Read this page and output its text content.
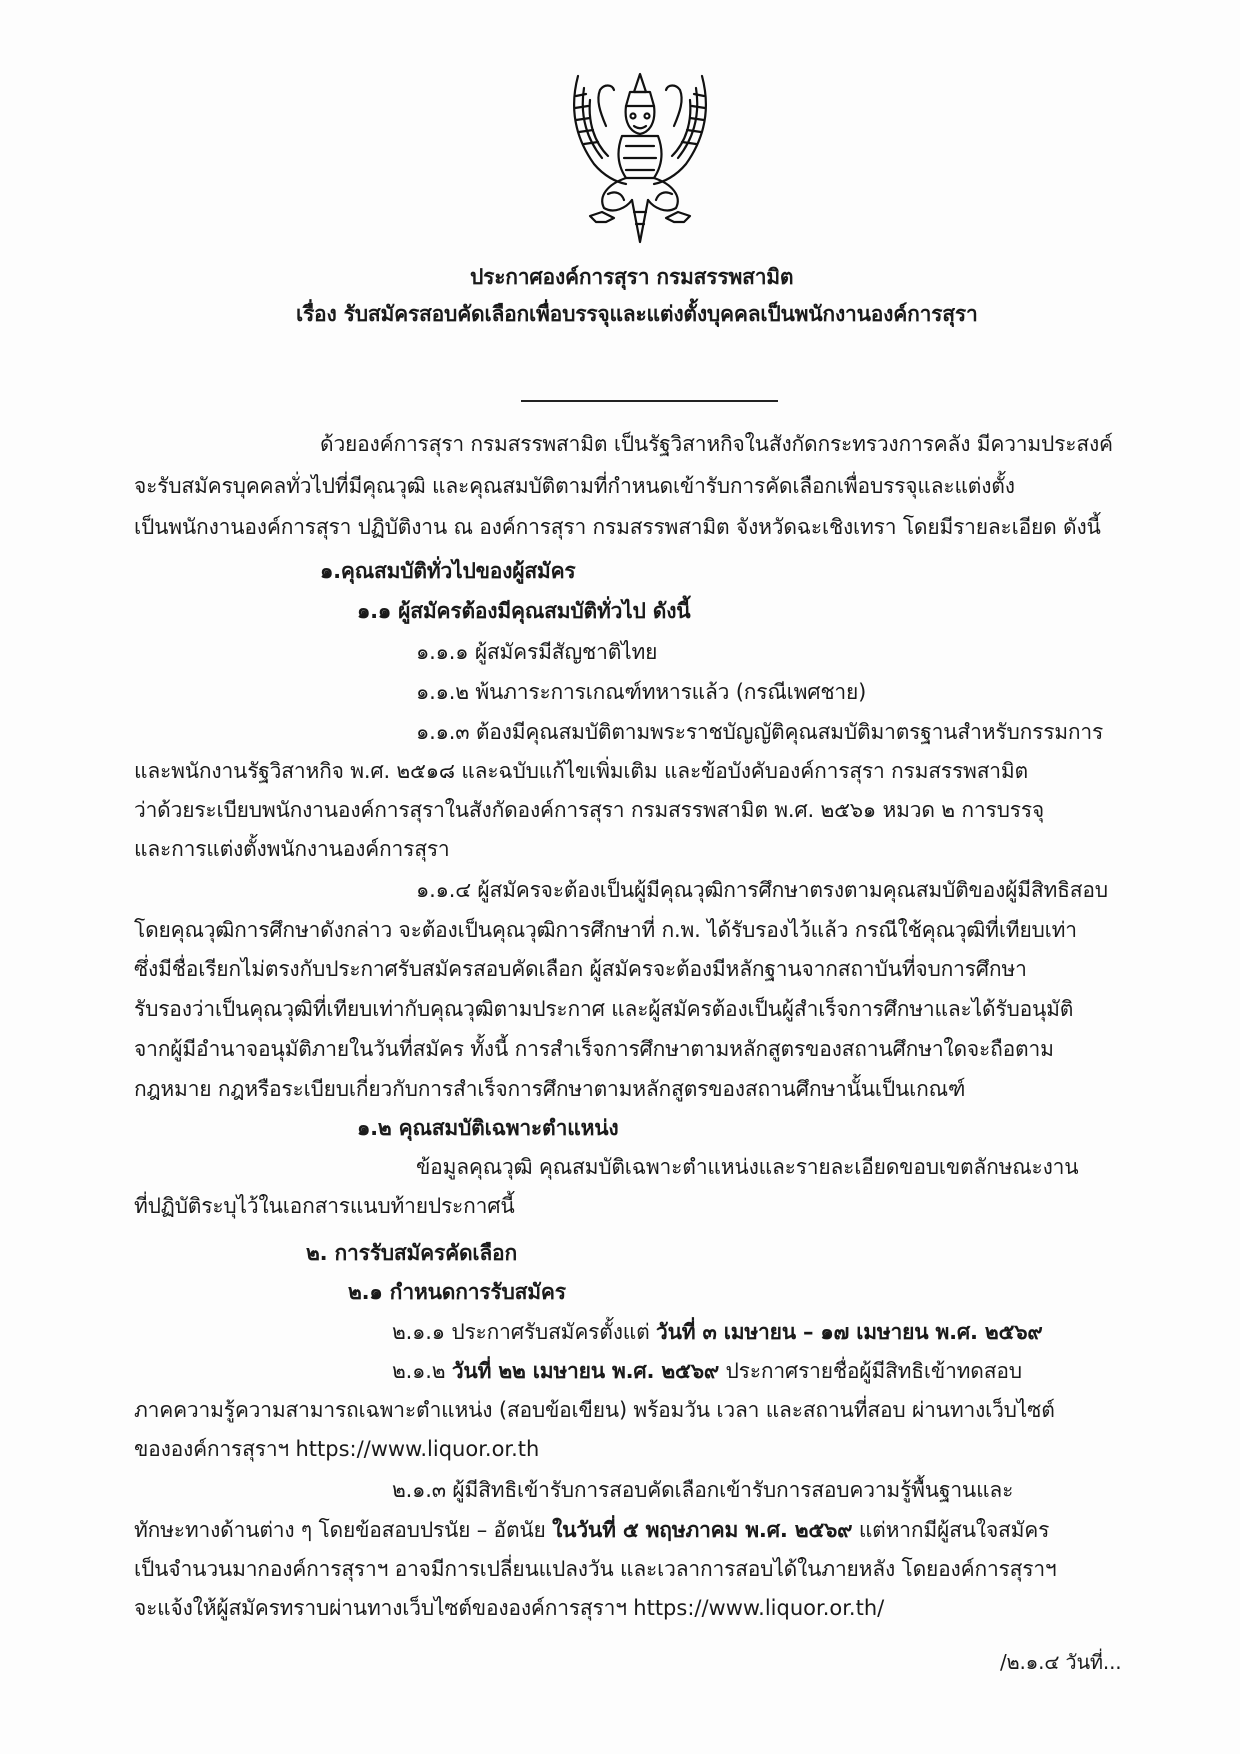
ประกาศองค์การสุรา กรมสรรพสามิต
เรื่อง รับสมัครสอบคัดเลือกเพื่อบรรจุและแต่งตั้งบุคคลเป็นพนักงานองค์การสุรา
ด้วยองค์การสุรา กรมสรรพสามิต เป็นรัฐวิสาหกิจในสังกัดกระทรวงการคลัง มีความประสงค์
จะรับสมัครบุคคลทั่วไปที่มีคุณวุฒิ และคุณสมบัติตามที่กำหนดเข้ารับการคัดเลือกเพื่อบรรจุและแต่งตั้ง
เป็นพนักงานองค์การสุรา ปฏิบัติงาน ณ องค์การสุรา กรมสรรพสามิต จังหวัดฉะเชิงเทรา โดยมีรายละเอียด ดังนี้
๑.คุณสมบัติทั่วไปของผู้สมัคร
๑.๑ ผู้สมัครต้องมีคุณสมบัติทั่วไป ดังนี้
๑.๑.๑ ผู้สมัครมีสัญชาติไทย
๑.๑.๒ พ้นภาระการเกณฑ์ทหารแล้ว (กรณีเพศชาย)
๑.๑.๓ ต้องมีคุณสมบัติตามพระราชบัญญัติคุณสมบัติมาตรฐานสำหรับกรรมการ
และพนักงานรัฐวิสาหกิจ พ.ศ. ๒๕๑๘ และฉบับแก้ไขเพิ่มเติม และข้อบังคับองค์การสุรา กรมสรรพสามิต
ว่าด้วยระเบียบพนักงานองค์การสุราในสังกัดองค์การสุรา กรมสรรพสามิต พ.ศ. ๒๕๖๑ หมวด ๒ การบรรจุ
และการแต่งตั้งพนักงานองค์การสุรา
๑.๑.๔ ผู้สมัครจะต้องเป็นผู้มีคุณวุฒิการศึกษาตรงตามคุณสมบัติของผู้มีสิทธิสอบ
โดยคุณวุฒิการศึกษาดังกล่าว จะต้องเป็นคุณวุฒิการศึกษาที่ ก.พ. ได้รับรองไว้แล้ว กรณีใช้คุณวุฒิที่เทียบเท่า
ซึ่งมีชื่อเรียกไม่ตรงกับประกาศรับสมัครสอบคัดเลือก ผู้สมัครจะต้องมีหลักฐานจากสถาบันที่จบการศึกษา
รับรองว่าเป็นคุณวุฒิที่เทียบเท่ากับคุณวุฒิตามประกาศ และผู้สมัครต้องเป็นผู้สำเร็จการศึกษาและได้รับอนุมัติ
จากผู้มีอำนาจอนุมัติภายในวันที่สมัคร ทั้งนี้ การสำเร็จการศึกษาตามหลักสูตรของสถานศึกษาใดจะถือตาม
กฎหมาย กฎหรือระเบียบเกี่ยวกับการสำเร็จการศึกษาตามหลักสูตรของสถานศึกษานั้นเป็นเกณฑ์
๑.๒ คุณสมบัติเฉพาะตำแหน่ง
ข้อมูลคุณวุฒิ คุณสมบัติเฉพาะตำแหน่งและรายละเอียดขอบเขตลักษณะงาน
ที่ปฏิบัติระบุไว้ในเอกสารแนบท้ายประกาศนี้
๒. การรับสมัครคัดเลือก
๒.๑ กำหนดการรับสมัคร
๒.๑.๑ ประกาศรับสมัครตั้งแต่ วันที่ ๓ เมษายน – ๑๗ เมษายน พ.ศ. ๒๕๖๙
๒.๑.๒ วันที่ ๒๒ เมษายน พ.ศ. ๒๕๖๙ ประกาศรายชื่อผู้มีสิทธิเข้าทดสอบ
ภาคความรู้ความสามารถเฉพาะตำแหน่ง (สอบข้อเขียน) พร้อมวัน เวลา และสถานที่สอบ ผ่านทางเว็บไซต์
ขององค์การสุราฯ https://www.liquor.or.th
๒.๑.๓ ผู้มีสิทธิเข้ารับการสอบคัดเลือกเข้ารับการสอบความรู้พื้นฐานและ
ทักษะทางด้านต่าง ๆ โดยข้อสอบปรนัย – อัตนัย ในวันที่ ๕ พฤษภาคม พ.ศ. ๒๕๖๙ แต่หากมีผู้สนใจสมัคร
เป็นจำนวนมากองค์การสุราฯ อาจมีการเปลี่ยนแปลงวัน และเวลาการสอบได้ในภายหลัง โดยองค์การสุราฯ
จะแจ้งให้ผู้สมัครทราบผ่านทางเว็บไซต์ขององค์การสุราฯ https://www.liquor.or.th/
/๒.๑.๔ วันที่...
